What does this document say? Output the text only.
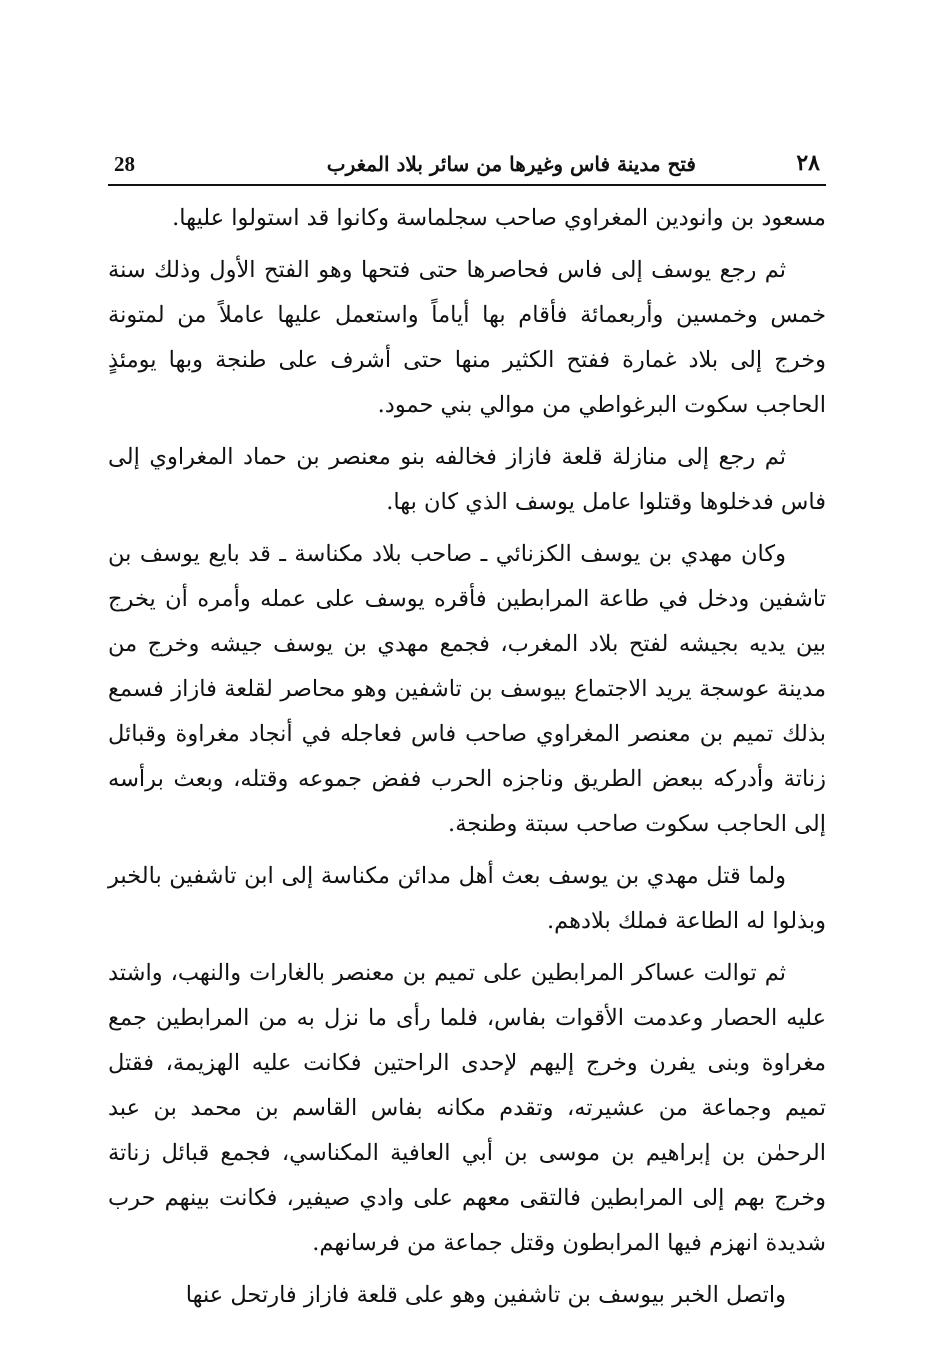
28	فتح مدينة فاس وغيرها من سائر بلاد المغرب	٢٨

مسعود بن وانودين المغراوي صاحب سجلماسة وكانوا قد استولوا عليها.

ثم رجع يوسف إلى فاس فحاصرها حتى فتحها وهو الفتح الأول وذلك سنة خمس وخمسين وأربعمائة فأقام بها أياماً واستعمل عليها عاملاً من لمتونة وخرج إلى بلاد غمارة ففتح الكثير منها حتى أشرف على طنجة وبها يومئذٍ الحاجب سكوت البرغواطي من موالي بني حمود.

ثم رجع إلى منازلة قلعة فازاز فخالفه بنو معنصر بن حماد المغراوي إلى فاس فدخلوها وقتلوا عامل يوسف الذي كان بها.

وكان مهدي بن يوسف الكزنائي ـ صاحب بلاد مكناسة ـ قد بايع يوسف بن تاشفين ودخل في طاعة المرابطين فأقره يوسف على عمله وأمره أن يخرج بين يديه بجيشه لفتح بلاد المغرب، فجمع مهدي بن يوسف جيشه وخرج من مدينة عوسجة يريد الاجتماع بيوسف بن تاشفين وهو محاصر لقلعة فازاز فسمع بذلك تميم بن معنصر المغراوي صاحب فاس فعاجله في أنجاد مغراوة وقبائل زناتة وأدركه ببعض الطريق وناجزه الحرب ففض جموعه وقتله، وبعث برأسه إلى الحاجب سكوت صاحب سبتة وطنجة.

ولما قتل مهدي بن يوسف بعث أهل مدائن مكناسة إلى ابن تاشفين بالخبر وبذلوا له الطاعة فملك بلادهم.

ثم توالت عساكر المرابطين على تميم بن معنصر بالغارات والنهب، واشتد عليه الحصار وعدمت الأقوات بفاس، فلما رأى ما نزل به من المرابطين جمع مغراوة وبنى يفرن وخرج إليهم لإحدى الراحتين فكانت عليه الهزيمة، فقتل تميم وجماعة من عشيرته، وتقدم مكانه بفاس القاسم بن محمد بن عبد الرحمٰن بن إبراهيم بن موسى بن أبي العافية المكناسي، فجمع قبائل زناتة وخرج بهم إلى المرابطين فالتقى معهم على وادي صيفير، فكانت بينهم حرب شديدة انهزم فيها المرابطون وقتل جماعة من فرسانهم.

واتصل الخبر بيوسف بن تاشفين وهو على قلعة فازاز فارتحل عنها
